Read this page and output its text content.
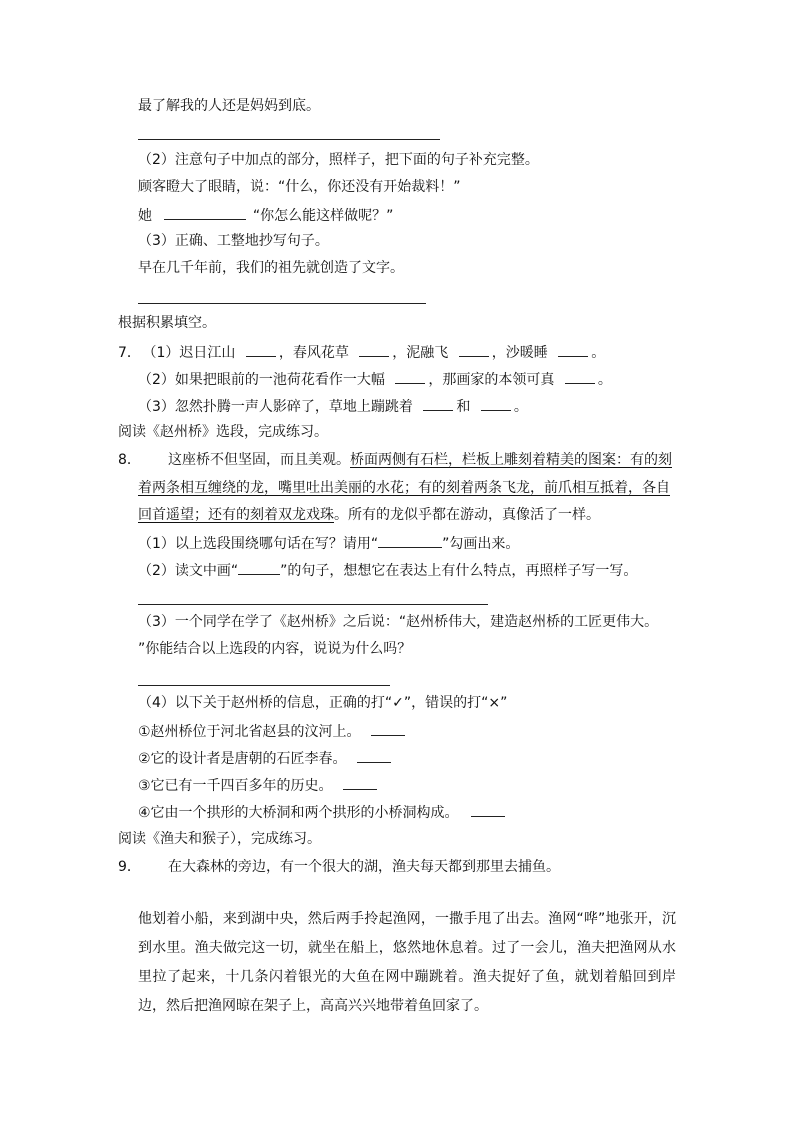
最了解我的人还是妈妈到底。
（2）注意句子中加点的部分，照样子，把下面的句子补充完整。
顾客瞪大了眼睛，说：“什么，你还没有开始裁料！”
她	“你怎么能这样做呢？”
（3）正确、工整地抄写句子。
早在几千年前，我们的祖先就创造了文字。
根据积累填空。
7． （1）迟日江山	，春风花草	，泥融飞	，沙暖睡	。
（2）如果把眼前的一池荷花看作一大幅	，那画家的本领可真	。
（3）忽然扑腾一声人影碎了，草地上蹦跳着	和	。
阅读《赵州桥》选段，完成练习。
8． 这座桥不但坚固，而且美观。桥面两侧有石栏，栏板上雕刻着精美的图案：有的刻
着两条相互缠绕的龙，嘴里吐出美丽的水花；有的刻着两条飞龙，前爪相互抵着，各自
回首遥望；还有的刻着双龙戏珠。所有的龙似乎都在游动，真像活了一样。
（1）以上选段围绕哪句话在写？请用“	”勾画出来。
（2）读文中画“	”的句子，想想它在表达上有什么特点，再照样子写一写。
（3）一个同学在学了《赵州桥》之后说：“赵州桥伟大，建造赵州桥的工匠更伟大。
”你能结合以上选段的内容，说说为什么吗？
（4）以下关于赵州桥的信息，正确的打“✓”，错误的打“×”
①赵州桥位于河北省赵县的汶河上。
②它的设计者是唐朝的石匠李春。
③它已有一千四百多年的历史。
④它由一个拱形的大桥洞和两个拱形的小桥洞构成。
阅读《渔夫和猴子），完成练习。
9． 在大森林的旁边，有一个很大的湖，渔夫每天都到那里去捕鱼。
他划着小船，来到湖中央，然后两手拎起渔网，一撒手甩了出去。渔网“哗”地张开，沉到水里。渔夫做完这一切，就坐在船上，悠然地休息着。过了一会儿，渔夫把渔网从水里拉了起来，十几条闪着银光的大鱼在网中蹦跳着。渔夫捉好了鱼，就划着船回到岸边，然后把渔网晾在架子上，高高兴兴地带着鱼回家了。
